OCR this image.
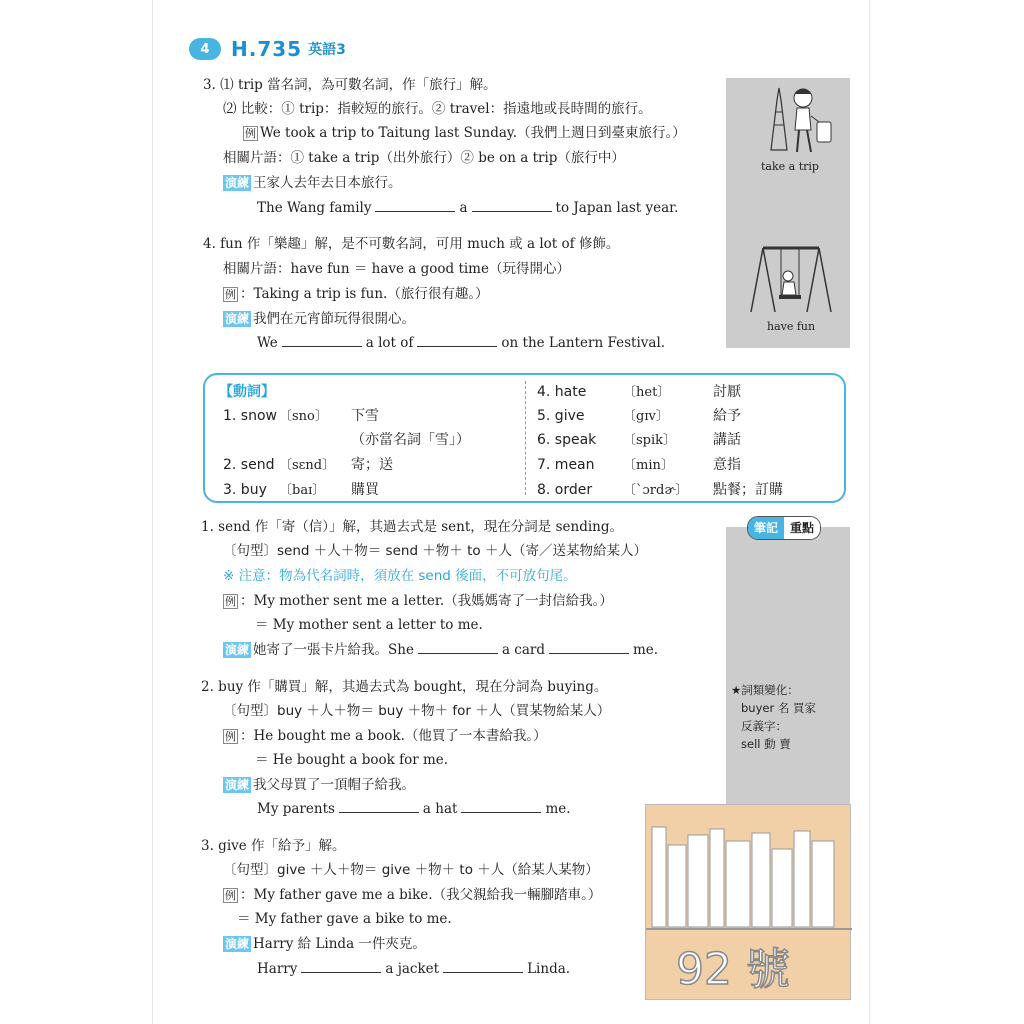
4	H.735 英語3
3. ⑴ trip 當名詞，為可數名詞，作「旅行」解。
⑵ 比較：① trip：指較短的旅行。② travel：指遠地或長時間的旅行。
例 We took a trip to Taitung last Sunday.（我們上週日到臺東旅行。）
相關片語：① take a trip（出外旅行）② be on a trip（旅行中）
演練 王家人去年去日本旅行。
The Wang family	a	to Japan last year.
4. fun 作「樂趣」解，是不可數名詞，可用 much 或 a lot of 修飾。
相關片語：have fun ＝ have a good time（玩得開心）
例 ：Taking a trip is fun.（旅行很有趣。）
演練 我們在元宵節玩得很開心。
We	a lot of	on the Lantern Festival.
take a trip
have fun
【動詞】
1. snow 〔sno〕 下雪
（亦當名詞「雪」）
2. send 〔sɛnd〕 寄；送
3. buy 〔baɪ〕 購買
4. hate	〔het〕	討厭
5. give	〔gɪv〕	給予
6. speak 〔spik〕	講話
7. mean 〔min〕	意指
8. order 〔ˋɔrdɚ〕 點餐；訂購
筆記	重點
1. send 作「寄（信）」解，其過去式是 sent，現在分詞是 sending。
〔句型〕send ＋人＋物＝ send ＋物＋ to ＋人（寄／送某物給某人）
※ 注意：物為代名詞時，須放在 send 後面，不可放句尾。
例 ：My mother sent me a letter.（我媽媽寄了一封信給我。）
＝ My mother sent a letter to me.
演練 她寄了一張卡片給我。She	a card	me.
2. buy 作「購買」解，其過去式為 bought，現在分詞為 buying。
〔句型〕buy ＋人＋物＝ buy ＋物＋ for ＋人（買某物給某人）
例 ：He bought me a book.（他買了一本書給我。）
＝ He bought a book for me.
演練 我父母買了一頂帽子給我。
My parents	a hat	me.
3. give 作「給予」解。
〔句型〕give ＋人＋物＝ give ＋物＋ to ＋人（給某人某物）
例 ：My father gave me a bike.（我父親給我一輛腳踏車。）
＝ My father gave a bike to me.
演練 Harry 給 Linda 一件夾克。
Harry	a jacket	Linda.
★詞類變化：
buyer 名 買家
反義字：
sell 動 賣
92 號
